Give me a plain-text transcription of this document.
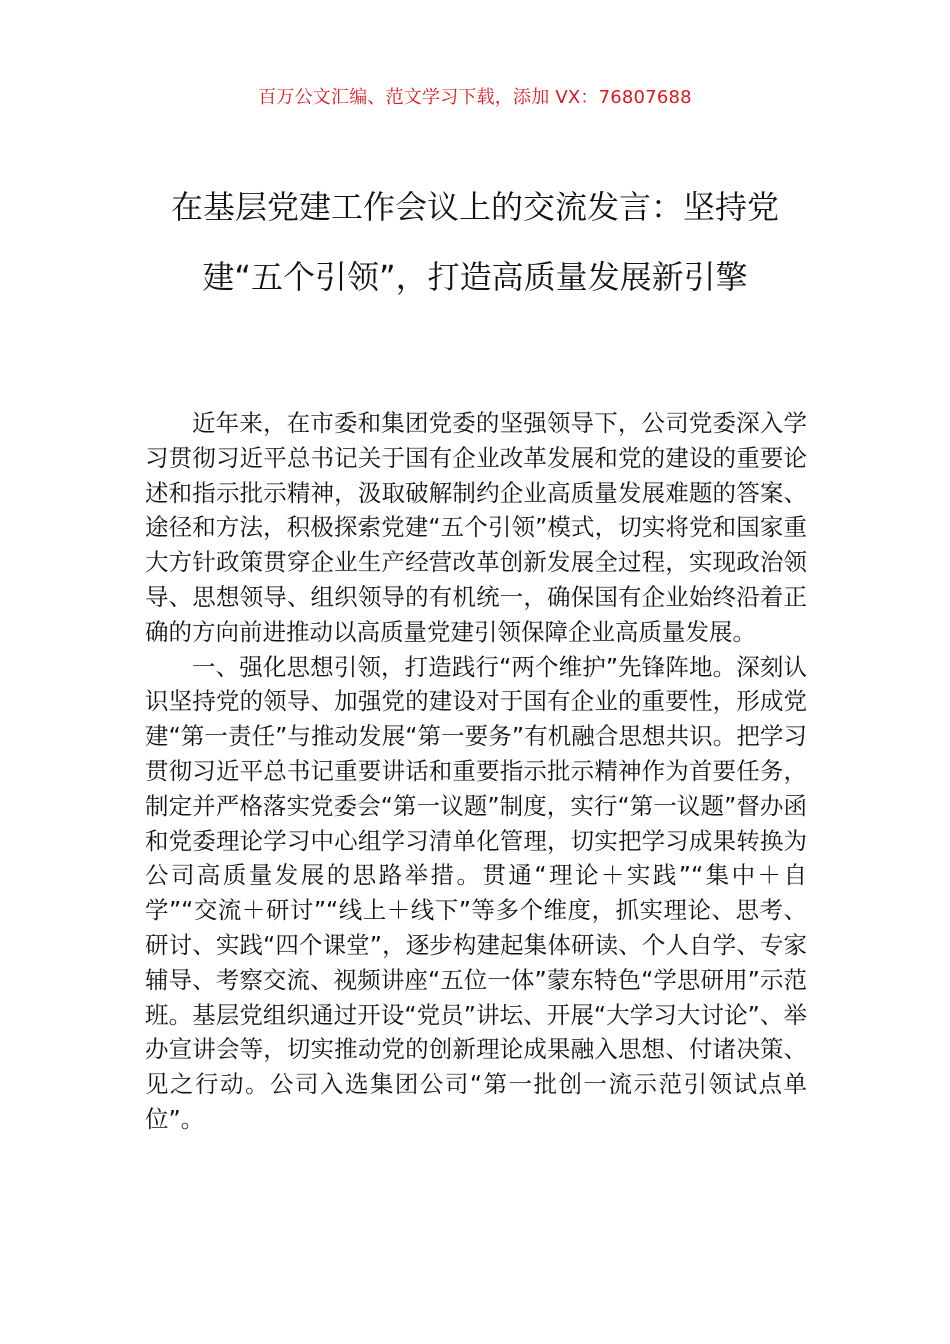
百万公文汇编、范文学习下载，添加 VX：76807688
在基层党建工作会议上的交流发言：坚持党建“五个引领”，打造高质量发展新引擎

近年来，在市委和集团党委的坚强领导下，公司党委深入学习贯彻习近平总书记关于国有企业改革发展和党的建设的重要论述和指示批示精神，汲取破解制约企业高质量发展难题的答案、途径和方法，积极探索党建“五个引领”模式，切实将党和国家重大方针政策贯穿企业生产经营改革创新发展全过程，实现政治领导、思想领导、组织领导的有机统一，确保国有企业始终沿着正确的方向前进推动以高质量党建引领保障企业高质量发展。

一、强化思想引领，打造践行“两个维护”先锋阵地。深刻认识坚持党的领导、加强党的建设对于国有企业的重要性，形成党建“第一责任”与推动发展“第一要务”有机融合思想共识。把学习贯彻习近平总书记重要讲话和重要指示批示精神作为首要任务，制定并严格落实党委会“第一议题”制度，实行“第一议题”督办函和党委理论学习中心组学习清单化管理，切实把学习成果转换为公司高质量发展的思路举措。贯通“理论＋实践”“集中＋自学”“交流＋研讨”“线上＋线下”等多个维度，抓实理论、思考、研讨、实践“四个课堂”，逐步构建起集体研读、个人自学、专家辅导、考察交流、视频讲座“五位一体”蒙东特色“学思研用”示范班。基层党组织通过开设“党员”讲坛、开展“大学习大讨论”、举办宣讲会等，切实推动党的创新理论成果融入思想、付诸决策、见之行动。公司入选集团公司“第一批创一流示范引领试点单位”。
